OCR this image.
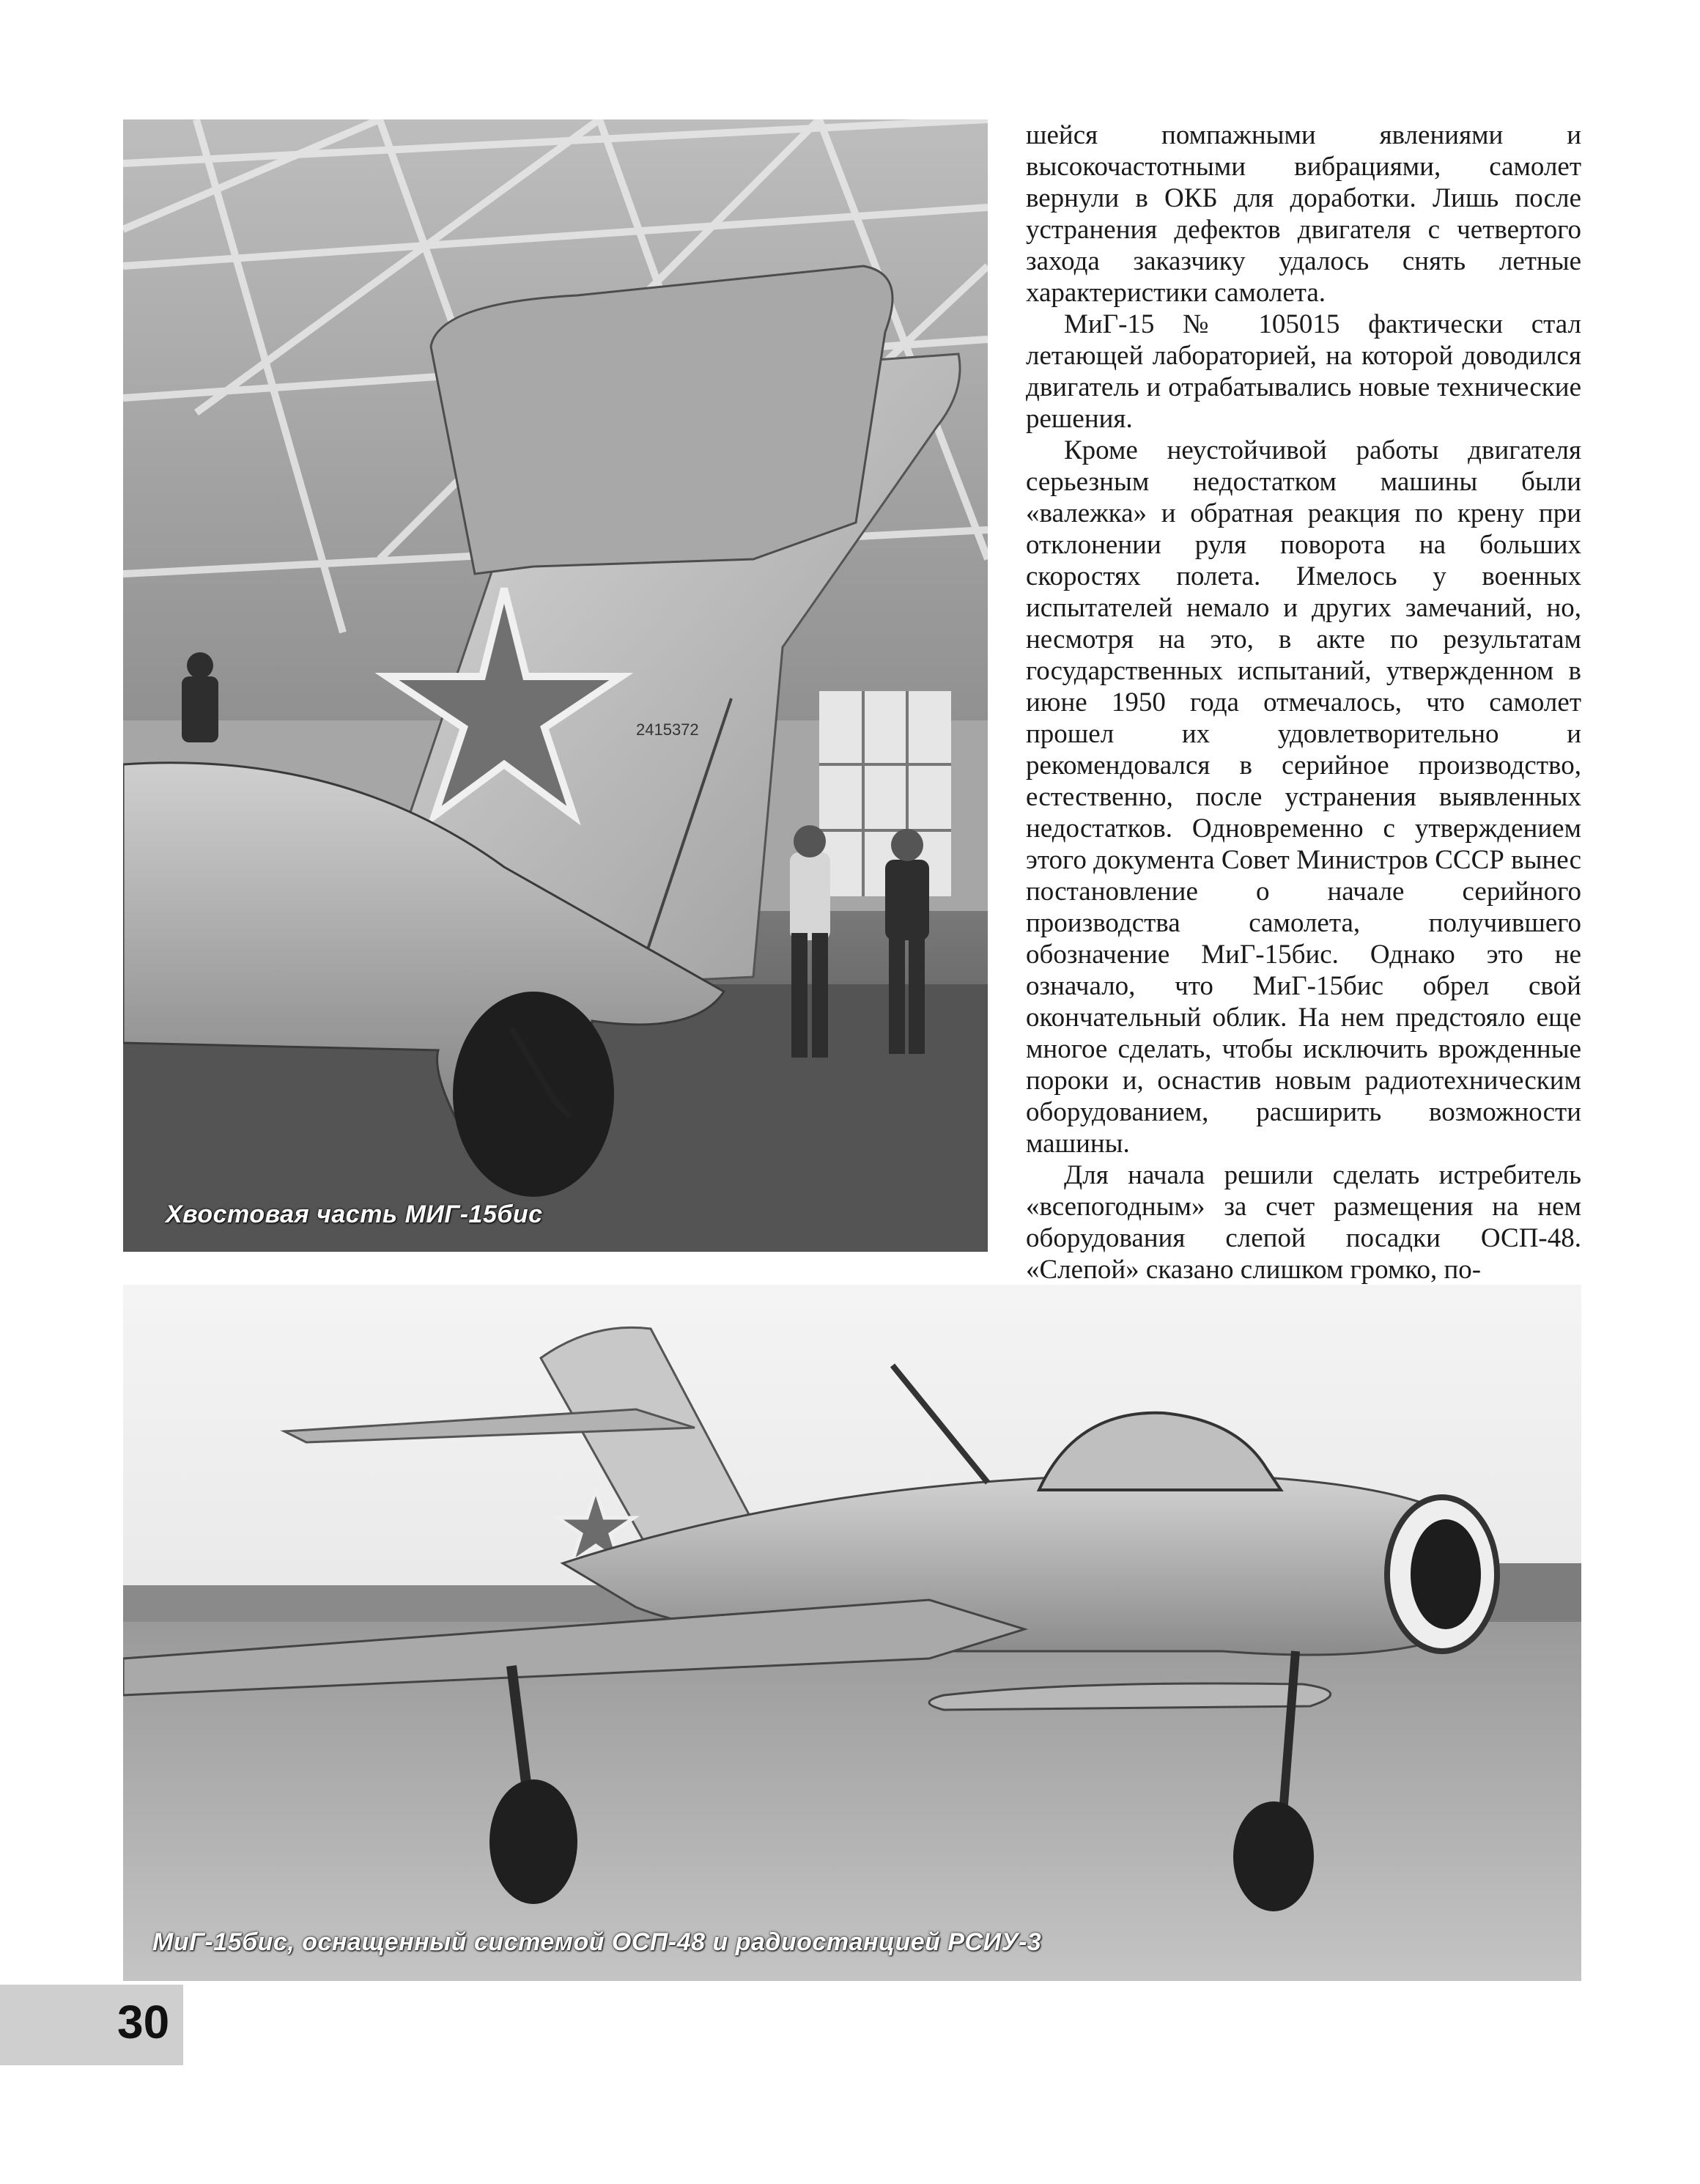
2415372
Хвостовая часть МИГ-15бис

шейся помпажными явлениями и высокочастотными вибрациями, самолет вернули в ОКБ для доработки. Лишь после устранения дефектов двигателя с четвертого захода заказчику удалось снять летные характеристики самолета.

МиГ-15 № 105015 фактически стал летающей лабораторией, на которой доводился двигатель и отрабатывались новые технические решения.

Кроме неустойчивой работы двигателя серьезным недостатком машины были «валежка» и обратная реакция по крену при отклонении руля поворота на больших скоростях полета. Имелось у военных испытателей немало и других замечаний, но, несмотря на это, в акте по результатам государственных испытаний, утвержденном в июне 1950 года отмечалось, что самолет прошел их удовлетворительно и рекомендовался в серийное производство, естественно, после устранения выявленных недостатков. Одновременно с утверждением этого документа Совет Министров СССР вынес постановление о начале серийного производства самолета, получившего обозначение МиГ-15бис. Однако это не означало, что МиГ-15бис обрел свой окончательный облик. На нем предстояло еще многое сделать, чтобы исключить врожденные пороки и, оснастив новым радиотехническим оборудованием, расширить возможности машины.

Для начала решили сделать истребитель «всепогодным» за счет размещения на нем оборудования слепой посадки ОСП-48. «Слепой» сказано слишком громко, по-

МиГ-15бис, оснащенный системой ОСП-48 и радиостанцией РСИУ-3
30
